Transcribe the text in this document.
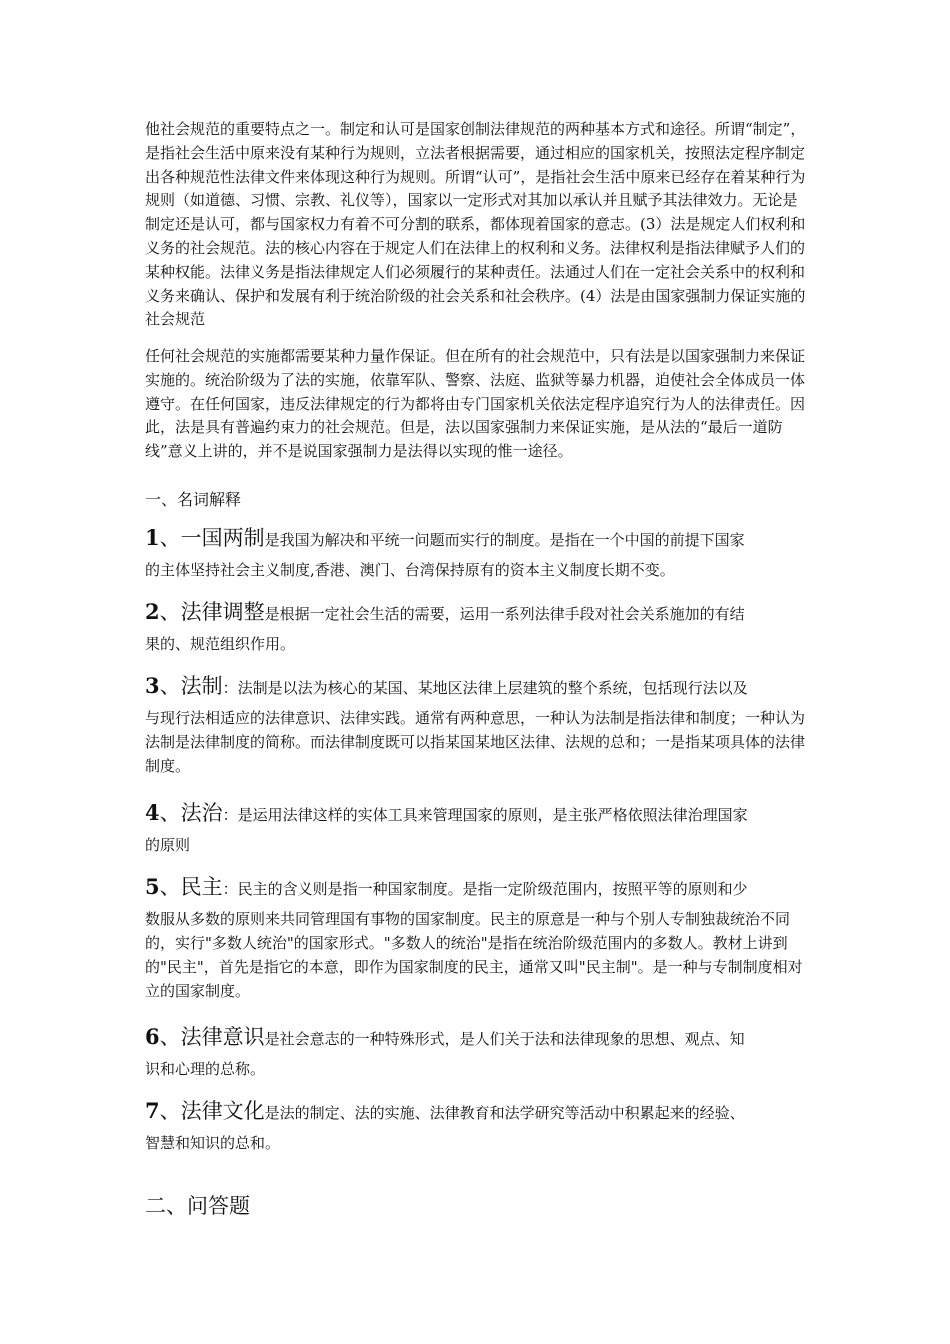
他社会规范的重要特点之一。制定和认可是国家创制法律规范的两种基本方式和途径。所谓“制定”，是指社会生活中原来没有某种行为规则，立法者根据需要，通过相应的国家机关，按照法定程序制定出各种规范性法律文件来体现这种行为规则。所谓“认可”，是指社会生活中原来已经存在着某种行为规则（如道德、习惯、宗教、礼仪等），国家以一定形式对其加以承认并且赋予其法律效力。无论是制定还是认可，都与国家权力有着不可分割的联系，都体现着国家的意志。(3）法是规定人们权利和义务的社会规范。法的核心内容在于规定人们在法律上的权利和义务。法律权利是指法律赋予人们的某种权能。法律义务是指法律规定人们必须履行的某种责任。法通过人们在一定社会关系中的权利和义务来确认、保护和发展有利于统治阶级的社会关系和社会秩序。(4）法是由国家强制力保证实施的社会规范

任何社会规范的实施都需要某种力量作保证。但在所有的社会规范中，只有法是以国家强制力来保证实施的。统治阶级为了法的实施，依靠军队、警察、法庭、监狱等暴力机器，迫使社会全体成员一体遵守。在任何国家，违反法律规定的行为都将由专门国家机关依法定程序追究行为人的法律责任。因此，法是具有普遍约束力的社会规范。但是，法以国家强制力来保证实施，是从法的“最后一道防线”意义上讲的，并不是说国家强制力是法得以实现的惟一途径。

一、名词解释

1、一国两制是我国为解决和平统一问题而实行的制度。是指在一个中国的前提下国家
的主体坚持社会主义制度,香港、澳门、台湾保持原有的资本主义制度长期不变。
2、法律调整是根据一定社会生活的需要，运用一系列法律手段对社会关系施加的有结
果的、规范组织作用。
3、法制：法制是以法为核心的某国、某地区法律上层建筑的整个系统，包括现行法以及
与现行法相适应的法律意识、法律实践。通常有两种意思，一种认为法制是指法律和制度；一种认为法制是法律制度的简称。而法律制度既可以指某国某地区法律、法规的总和；一是指某项具体的法律制度。
4、法治：是运用法律这样的实体工具来管理国家的原则，是主张严格依照法律治理国家
的原则
5、民主：民主的含义则是指一种国家制度。是指一定阶级范围内，按照平等的原则和少
数服从多数的原则来共同管理国有事物的国家制度。民主的原意是一种与个别人专制独裁统治不同的，实行"多数人统治"的国家形式。"多数人的统治"是指在统治阶级范围内的多数人。教材上讲到的"民主"，首先是指它的本意，即作为国家制度的民主，通常又叫"民主制"。是一种与专制制度相对立的国家制度。
6、法律意识是社会意志的一种特殊形式，是人们关于法和法律现象的思想、观点、知
识和心理的总称。
7、法律文化是法的制定、法的实施、法律教育和法学研究等活动中积累起来的经验、
智慧和知识的总和。

二、问答题
